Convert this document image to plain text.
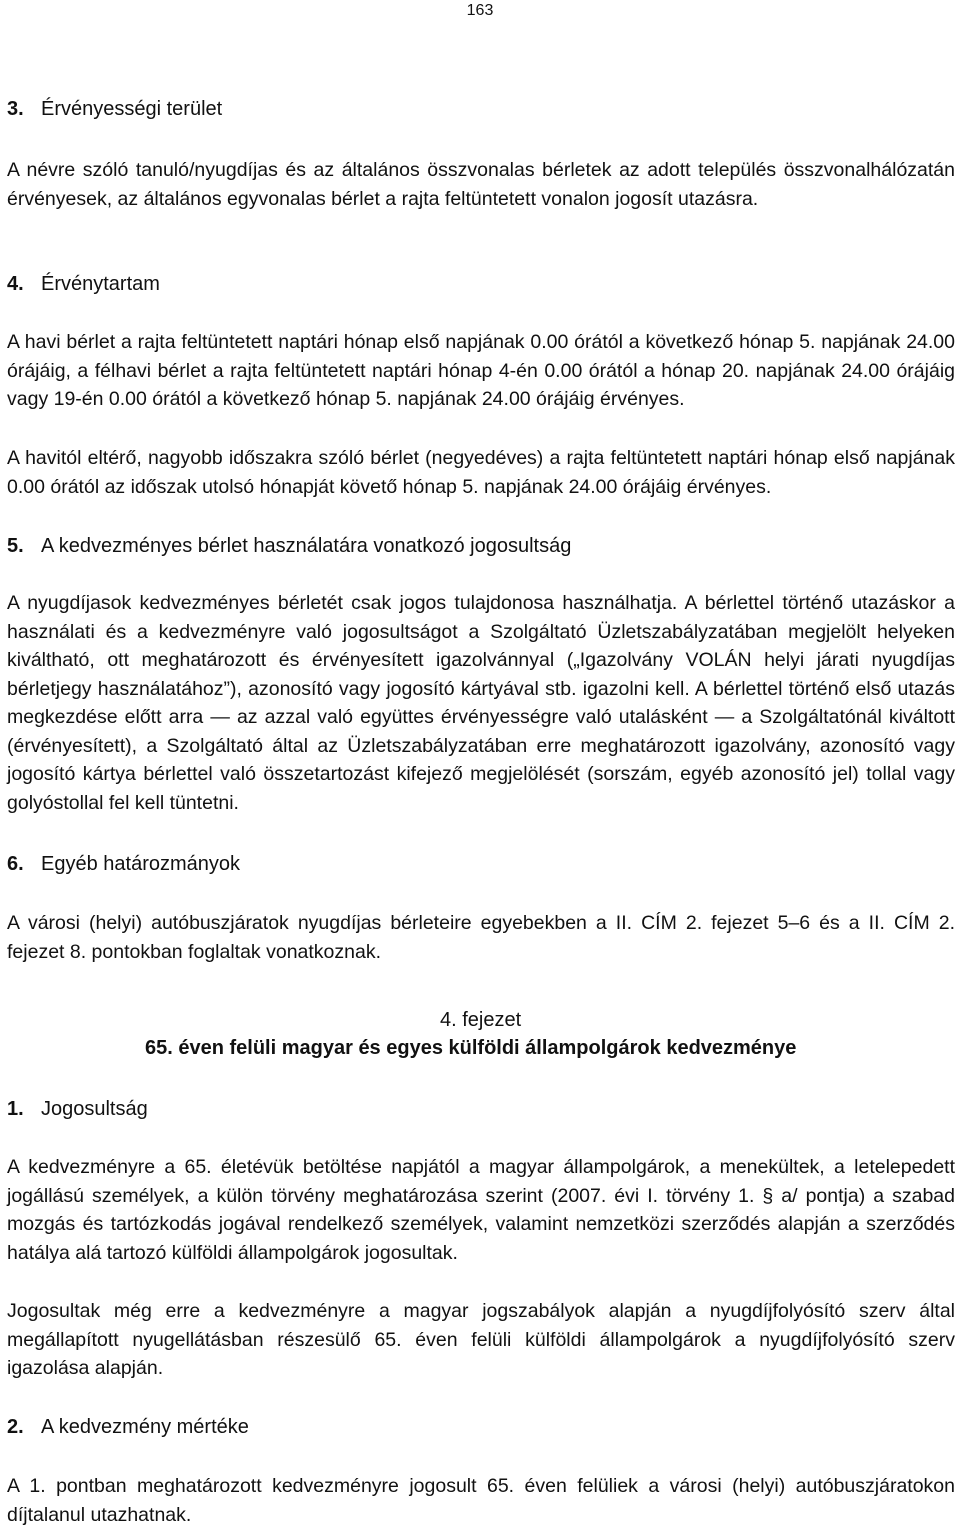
163
3. Érvényességi terület
A névre szóló tanuló/nyugdíjas és az általános összvonalas bérletek az adott település összvonalhálózatán érvényesek, az általános egyvonalas bérlet a rajta feltüntetett vonalon jogosít utazásra.
4. Érvénytartam
A havi bérlet a rajta feltüntetett naptári hónap első napjának 0.00 órától a következő hónap 5. napjának 24.00 órájáig, a félhavi bérlet a rajta feltüntetett naptári hónap 4-én 0.00 órától a hónap 20. napjának 24.00 órájáig vagy 19-én 0.00 órától a következő hónap 5. napjának 24.00 órájáig érvényes.
A havitól eltérő, nagyobb időszakra szóló bérlet (negyedéves) a rajta feltüntetett naptári hónap első napjának 0.00 órától az időszak utolsó hónapját követő hónap 5. napjának 24.00 órájáig érvényes.
5. A kedvezményes bérlet használatára vonatkozó jogosultság
A nyugdíjasok kedvezményes bérletét csak jogos tulajdonosa használhatja. A bérlettel történő utazáskor a használati és a kedvezményre való jogosultságot a Szolgáltató Üzletszabályzatában megjelölt helyeken kiváltható, ott meghatározott és érvényesített igazolvánnyal („Igazolvány VOLÁN helyi járati nyugdíjas bérletjegy használatához”), azonosító vagy jogosító kártyával stb. igazolni kell. A bérlettel történő első utazás megkezdése előtt arra — az azzal való együttes érvényességre való utalásként — a Szolgáltatónál kiváltott (érvényesített), a Szolgáltató által az Üzletszabályzatában erre meghatározott igazolvány, azonosító vagy jogosító kártya bérlettel való összetartozást kifejező megjelölését (sorszám, egyéb azonosító jel) tollal vagy golyóstollal fel kell tüntetni.
6. Egyéb határozmányok
A városi (helyi) autóbuszjáratok nyugdíjas bérleteire egyebekben a II. CÍM 2. fejezet 5–6 és a II. CÍM 2. fejezet 8. pontokban foglaltak vonatkoznak.
4. fejezet
65. éven felüli magyar és egyes külföldi állampolgárok kedvezménye
1. Jogosultság
A kedvezményre a 65. életévük betöltése napjától a magyar állampolgárok, a menekültek, a letelepedett jogállású személyek, a külön törvény meghatározása szerint (2007. évi I. törvény 1. § a/ pontja) a szabad mozgás és tartózkodás jogával rendelkező személyek, valamint nemzetközi szerződés alapján a szerződés hatálya alá tartozó külföldi állampolgárok jogosultak.
Jogosultak még erre a kedvezményre a magyar jogszabályok alapján a nyugdíjfolyósító szerv által megállapított nyugellátásban részesülő 65. éven felüli külföldi állampolgárok a nyugdíjfolyósító szerv igazolása alapján.
2. A kedvezmény mértéke
A 1. pontban meghatározott kedvezményre jogosult 65. éven felüliek a városi (helyi) autóbuszjáratokon díjtalanul utazhatnak.
